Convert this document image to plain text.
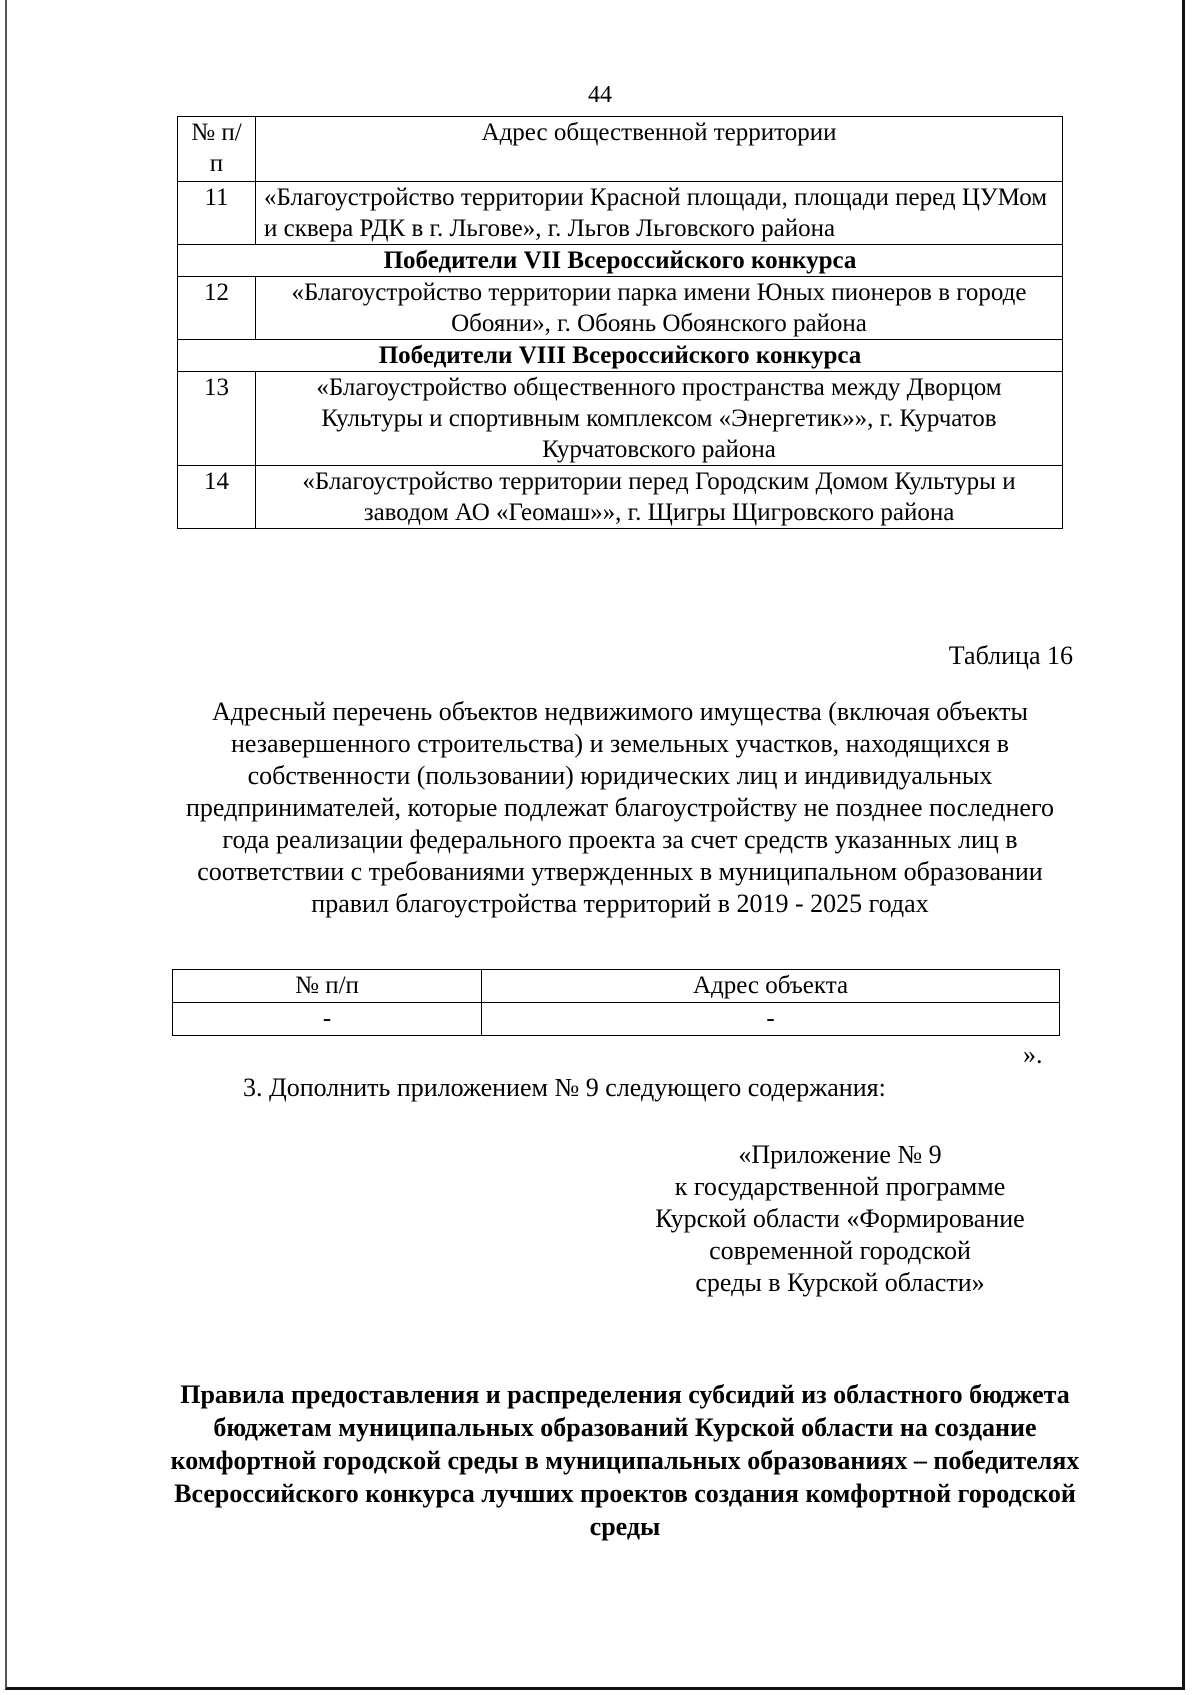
44
№ п/п	Адрес общественной территории
11	«Благоустройство территории Красной площади, площади перед ЦУМом и сквера РДК в г. Льгове», г. Льгов Льговского района
Победители VII Всероссийского конкурса	
12	«Благоустройство территории парка имени Юных пионеров в городе Обояни», г. Обоянь Обоянского района
Победители VIII Всероссийского конкурса	
13	«Благоустройство общественного пространства между Дворцом Культуры и спортивным комплексом «Энергетик»», г. Курчатов Курчатовского района
14	«Благоустройство территории перед Городским Домом Культуры и заводом АО «Геомаш»», г. Щигры Щигровского района
Таблица 16
Адресный перечень объектов недвижимого имущества (включая объекты незавершенного строительства) и земельных участков, находящихся в собственности (пользовании) юридических лиц и индивидуальных предпринимателей, которые подлежат благоустройству не позднее последнего года реализации федерального проекта за счет средств указанных лиц в соответствии с требованиями утвержденных в муниципальном образовании правил благоустройства территорий в 2019 - 2025 годах
№ п/п	Адрес объекта
-	-
».
3. Дополнить приложением № 9 следующего содержания:
«Приложение № 9
к государственной программе
Курской области «Формирование
современной городской
среды в Курской области»
Правила предоставления и распределения субсидий из областного бюджета бюджетам муниципальных образований Курской области на создание комфортной городской среды в муниципальных образованиях – победителях Всероссийского конкурса лучших проектов создания комфортной городской среды
